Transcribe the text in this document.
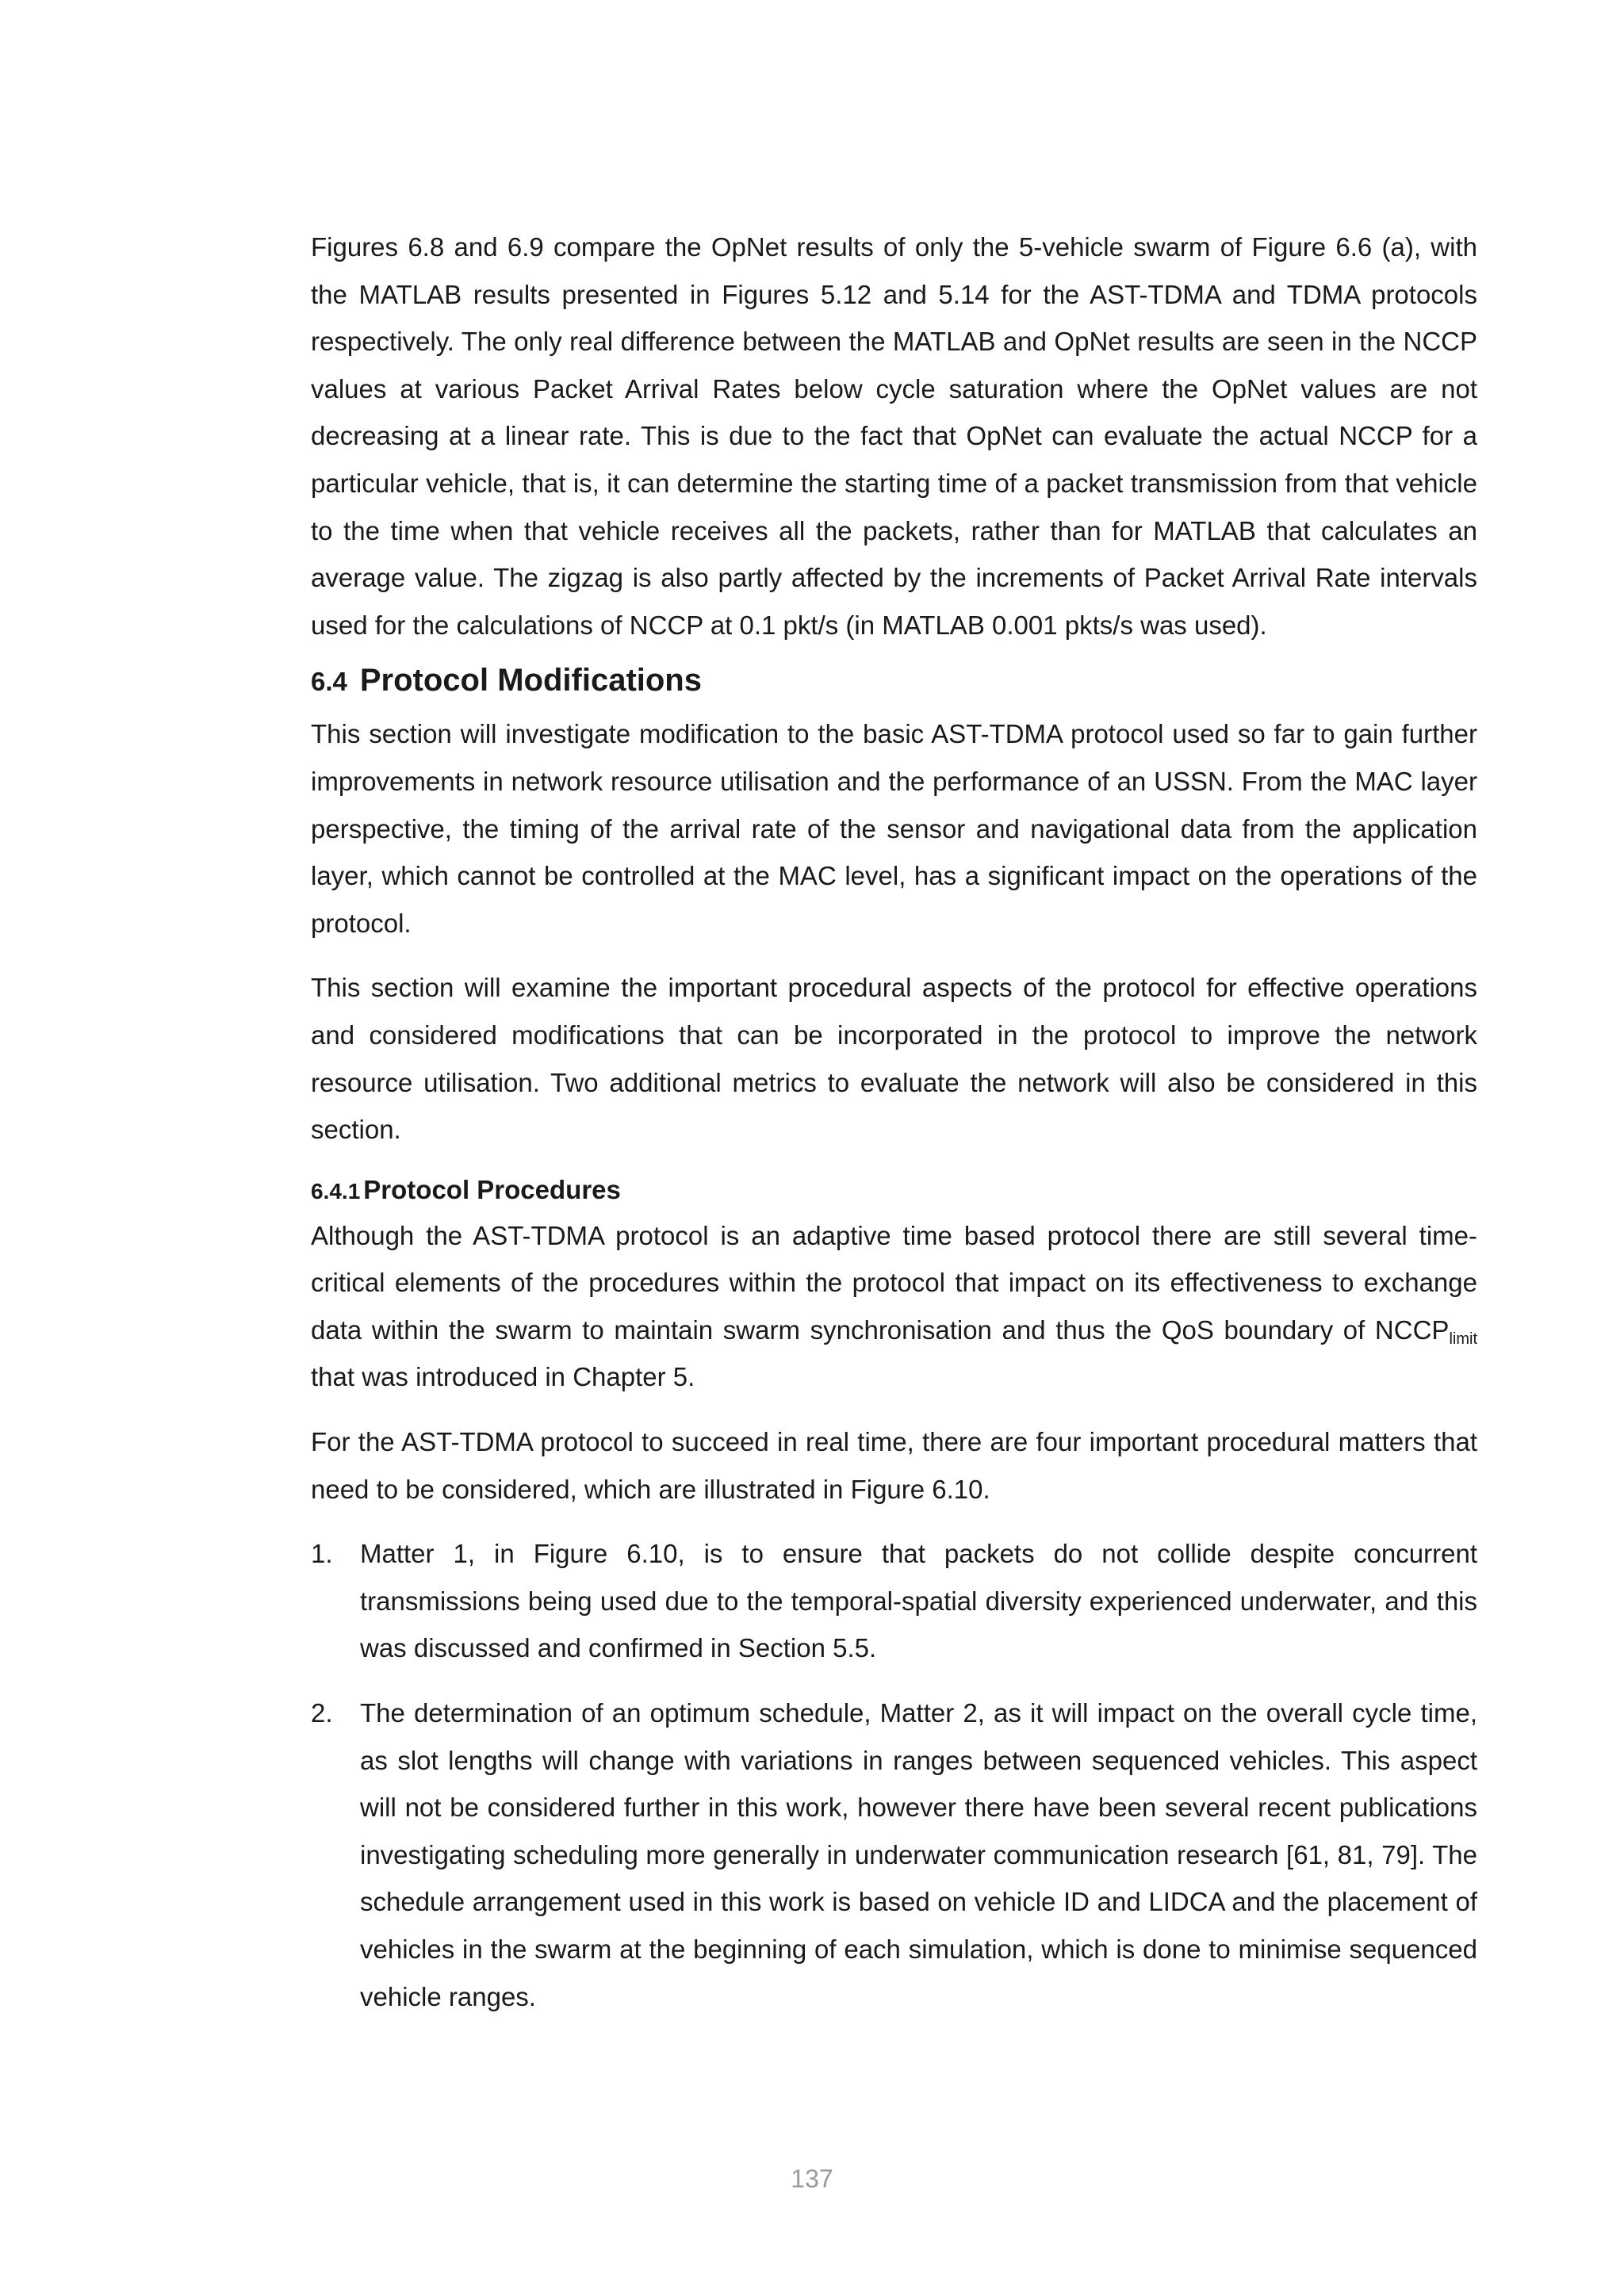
Figures 6.8 and 6.9 compare the OpNet results of only the 5-vehicle swarm of Figure 6.6 (a), with the MATLAB results presented in Figures 5.12 and 5.14 for the AST-TDMA and TDMA protocols respectively. The only real difference between the MATLAB and OpNet results are seen in the NCCP values at various Packet Arrival Rates below cycle saturation where the OpNet values are not decreasing at a linear rate. This is due to the fact that OpNet can evaluate the actual NCCP for a particular vehicle, that is, it can determine the starting time of a packet transmission from that vehicle to the time when that vehicle receives all the packets, rather than for MATLAB that calculates an average value. The zigzag is also partly affected by the increments of Packet Arrival Rate intervals used for the calculations of NCCP at 0.1 pkt/s (in MATLAB 0.001 pkts/s was used).

6.4 Protocol Modifications

This section will investigate modification to the basic AST-TDMA protocol used so far to gain further improvements in network resource utilisation and the performance of an USSN. From the MAC layer perspective, the timing of the arrival rate of the sensor and navigational data from the application layer, which cannot be controlled at the MAC level, has a significant impact on the operations of the protocol.

This section will examine the important procedural aspects of the protocol for effective operations and considered modifications that can be incorporated in the protocol to improve the network resource utilisation. Two additional metrics to evaluate the network will also be considered in this section.

6.4.1 Protocol Procedures

Although the AST-TDMA protocol is an adaptive time based protocol there are still several time-critical elements of the procedures within the protocol that impact on its effectiveness to exchange data within the swarm to maintain swarm synchronisation and thus the QoS boundary of $NCCP_{limit}$ that was introduced in Chapter 5.

For the AST-TDMA protocol to succeed in real time, there are four important procedural matters that need to be considered, which are illustrated in Figure 6.10.

1. Matter 1, in Figure 6.10, is to ensure that packets do not collide despite concurrent transmissions being used due to the temporal-spatial diversity experienced underwater, and this was discussed and confirmed in Section 5.5.

2. The determination of an optimum schedule, Matter 2, as it will impact on the overall cycle time, as slot lengths will change with variations in ranges between sequenced vehicles. This aspect will not be considered further in this work, however there have been several recent publications investigating scheduling more generally in underwater communication research [61, 81, 79]. The schedule arrangement used in this work is based on vehicle ID and LIDCA and the placement of vehicles in the swarm at the beginning of each simulation, which is done to minimise sequenced vehicle ranges.

137
